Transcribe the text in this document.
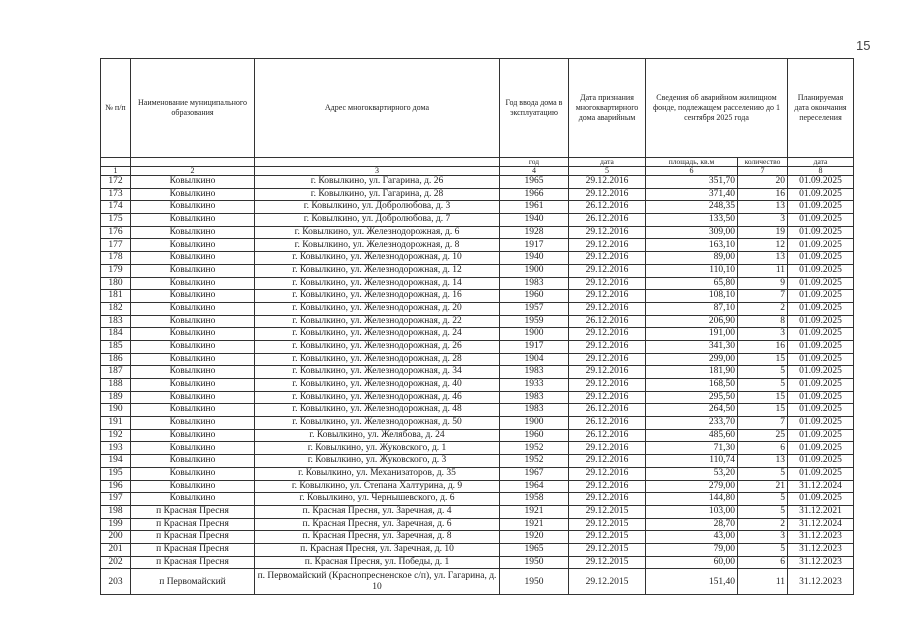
15
№ п/п	Наименование муниципального образования	Адрес многоквартирного дома	Год ввода дома в эксплуатацию	Дата признания многоквартирного дома аварийным	Сведения об аварийном жилищном фонде, подлежащем расселению до 1 сентября 2025 года		Планируемая дата окончания переселения
			год	дата	площадь, кв.м	количество	дата
1	2	3	4	5	6	7	8
172	Ковылкино	г. Ковылкино, ул. Гагарина, д. 26	1965	29.12.2016	351,70	20	01.09.2025
173	Ковылкино	г. Ковылкино, ул. Гагарина, д. 28	1966	29.12.2016	371,40	16	01.09.2025
174	Ковылкино	г. Ковылкино, ул. Добролюбова, д. 3	1961	26.12.2016	248,35	13	01.09.2025
175	Ковылкино	г. Ковылкино, ул. Добролюбова, д. 7	1940	26.12.2016	133,50	3	01.09.2025
176	Ковылкино	г. Ковылкино, ул. Железнодорожная, д. 6	1928	29.12.2016	309,00	19	01.09.2025
177	Ковылкино	г. Ковылкино, ул. Железнодорожная, д. 8	1917	29.12.2016	163,10	12	01.09.2025
178	Ковылкино	г. Ковылкино, ул. Железнодорожная, д. 10	1940	29.12.2016	89,00	13	01.09.2025
179	Ковылкино	г. Ковылкино, ул. Железнодорожная, д. 12	1900	29.12.2016	110,10	11	01.09.2025
180	Ковылкино	г. Ковылкино, ул. Железнодорожная, д. 14	1983	29.12.2016	65,80	9	01.09.2025
181	Ковылкино	г. Ковылкино, ул. Железнодорожная, д. 16	1960	29.12.2016	108,10	7	01.09.2025
182	Ковылкино	г. Ковылкино, ул. Железнодорожная, д. 20	1957	29.12.2016	87,10	2	01.09.2025
183	Ковылкино	г. Ковылкино, ул. Железнодорожная, д. 22	1959	26.12.2016	206,90	8	01.09.2025
184	Ковылкино	г. Ковылкино, ул. Железнодорожная, д. 24	1900	29.12.2016	191,00	3	01.09.2025
185	Ковылкино	г. Ковылкино, ул. Железнодорожная, д. 26	1917	29.12.2016	341,30	16	01.09.2025
186	Ковылкино	г. Ковылкино, ул. Железнодорожная, д. 28	1904	29.12.2016	299,00	15	01.09.2025
187	Ковылкино	г. Ковылкино, ул. Железнодорожная, д. 34	1983	29.12.2016	181,90	5	01.09.2025
188	Ковылкино	г. Ковылкино, ул. Железнодорожная, д. 40	1933	29.12.2016	168,50	5	01.09.2025
189	Ковылкино	г. Ковылкино, ул. Железнодорожная, д. 46	1983	29.12.2016	295,50	15	01.09.2025
190	Ковылкино	г. Ковылкино, ул. Железнодорожная, д. 48	1983	26.12.2016	264,50	15	01.09.2025
191	Ковылкино	г. Ковылкино, ул. Железнодорожная, д. 50	1900	26.12.2016	233,70	7	01.09.2025
192	Ковылкино	г. Ковылкино, ул. Желябова, д. 24	1960	26.12.2016	485,60	25	01.09.2025
193	Ковылкино	г. Ковылкино, ул. Жуковского, д. 1	1952	29.12.2016	71,30	6	01.09.2025
194	Ковылкино	г. Ковылкино, ул. Жуковского, д. 3	1952	29.12.2016	110,74	13	01.09.2025
195	Ковылкино	г. Ковылкино, ул. Механизаторов, д. 35	1967	29.12.2016	53,20	5	01.09.2025
196	Ковылкино	г. Ковылкино, ул. Степана Халтурина, д. 9	1964	29.12.2016	279,00	21	31.12.2024
197	Ковылкино	г. Ковылкино, ул. Чернышевского, д. 6	1958	29.12.2016	144,80	5	01.09.2025
198	п Красная Пресня	п. Красная Пресня, ул. Заречная, д. 4	1921	29.12.2015	103,00	5	31.12.2021
199	п Красная Пресня	п. Красная Пресня, ул. Заречная, д. 6	1921	29.12.2015	28,70	2	31.12.2024
200	п Красная Пресня	п. Красная Пресня, ул. Заречная, д. 8	1920	29.12.2015	43,00	3	31.12.2023
201	п Красная Пресня	п. Красная Пресня, ул. Заречная, д. 10	1965	29.12.2015	79,00	5	31.12.2023
202	п Красная Пресня	п. Красная Пресня, ул. Победы, д. 1	1950	29.12.2015	60,00	6	31.12.2023
203	п Первомайский	п. Первомайский (Краснопресненское с/п), ул. Гагарина, д. 10	1950	29.12.2015	151,40	11	31.12.2023
